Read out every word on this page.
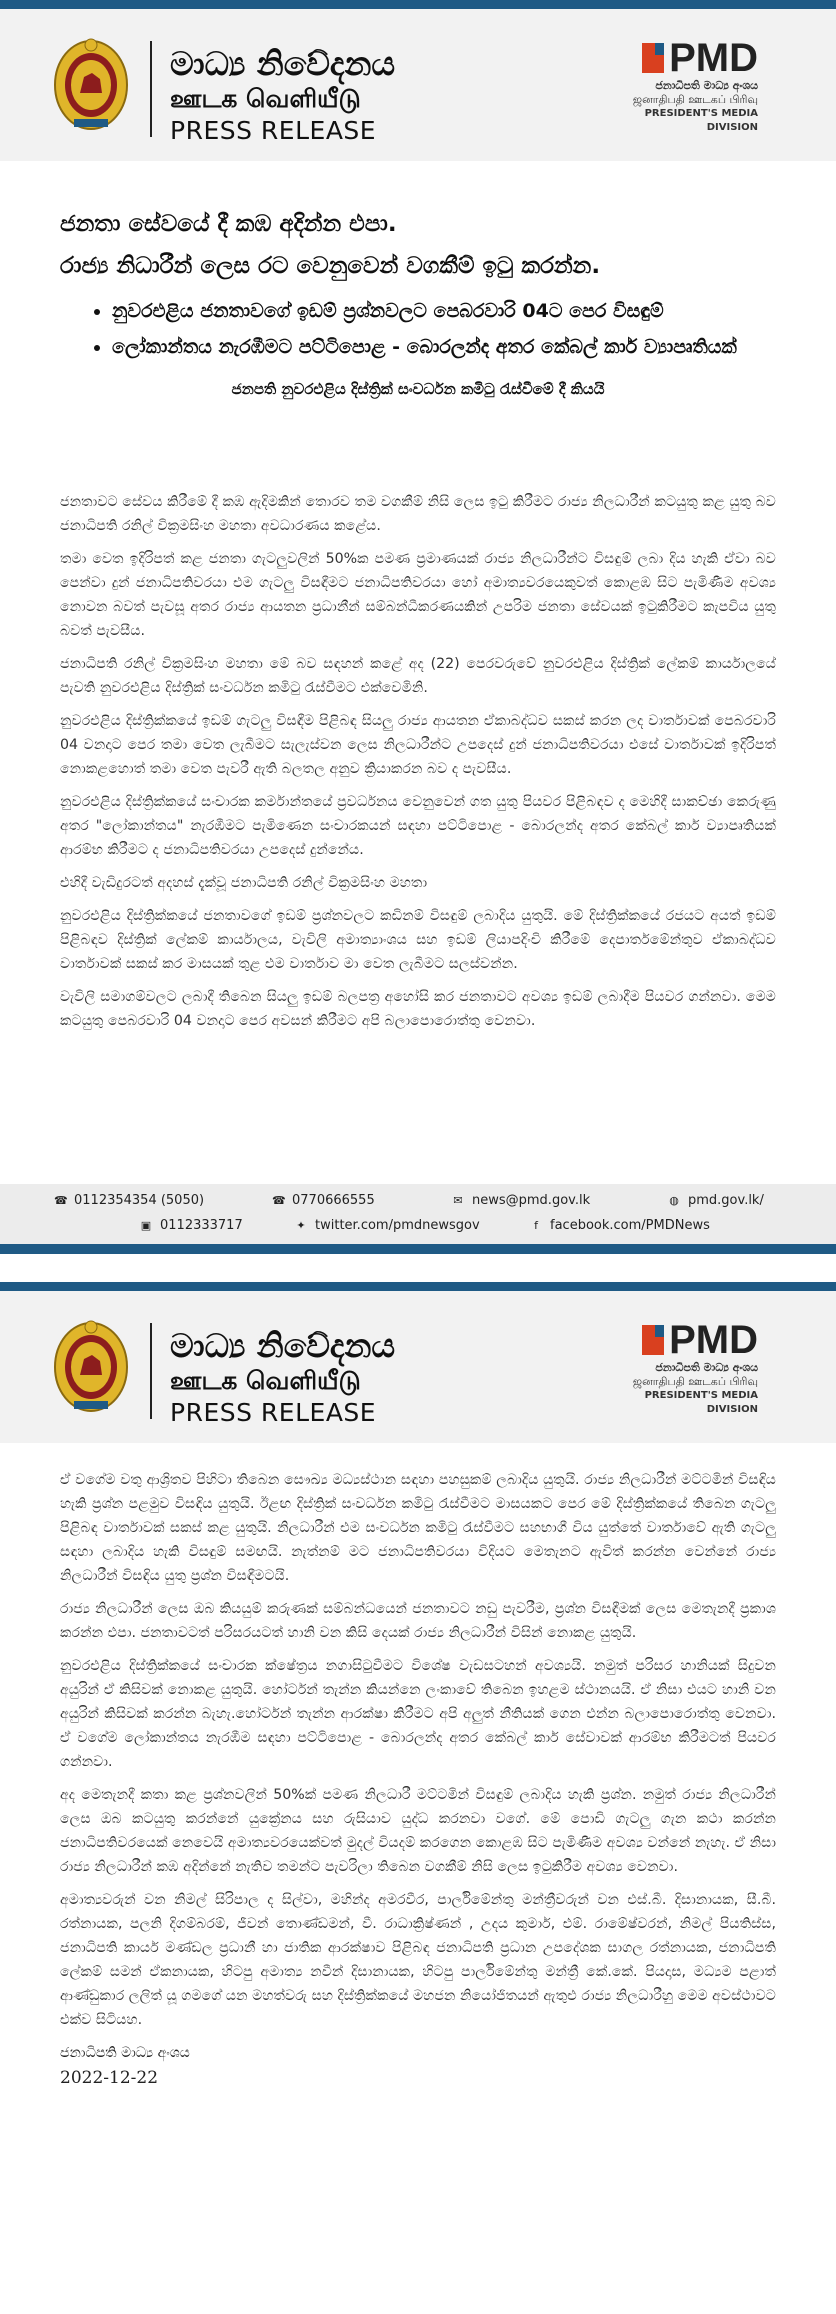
මාධ්‍ය නිවේදනය
ஊடக வெளியீடு
PRESS RELEASE
PMD
ජනාධිපති මාධ්‍ය අංශය
ஜனாதிபதி ஊடகப் பிரிவு
PRESIDENT'S MEDIA DIVISION
ජනතා සේවයේ දී කඹ අදින්න එපා.
රාජ්‍ය නිධාරීන් ලෙස රට වෙනුවෙන් වගකීම් ඉටු කරන්න.
• නුවරඑළිය ජනතාවගේ ඉඩම් ප්‍රශ්නවලට පෙබරවාරි 04ට පෙර විසඳුම්
• ලෝකාන්තය නැරඹීමට පට්ටිපොළ - බොරලන්ද අතර කේබල් කාර් ව්‍යාපෘතියක්
ජනපති නුවරඑළිය දිස්ත්‍රික් සංවර්ධන කමිටු රැස්වීමේ දී කියයි

ජනතාවට සේවය කිරීමේ දී කඹ ඇදිමකින් තොරව තම වගකීම් නිසි ලෙස ඉටු කිරීමට රාජ්‍ය නිලධාරීන් කටයුතු කළ යුතු බව ජනාධිපති රනිල් වික්‍රමසිංහ මහතා අවධාරණය කළේය.

තමා වෙත ඉදිරිපත් කළ ජනතා ගැටලුවලින් 50%ක පමණ ප්‍රමාණයක් රාජ්‍ය නිලධාරීන්ට විසඳුම් ලබා දිය හැකි ඒවා බව පෙන්වා දුන් ජනාධිපතිවරයා එම ගැටලු විසඳීමට ජනාධිපතිවරයා හෝ අමාත්‍යවරයෙකුවත් කොළඹ සිට පැමිණීම අවශ්‍ය නොවන බවත් පැවසූ අතර රාජ්‍ය ආයතන ප්‍රධානීන් සම්බන්ධීකරණයකින් උපරිම ජනතා සේවයක් ඉටුකිරීමට කැපවිය යුතු බවත් පැවසීය.

ජනාධිපති රනිල් වික්‍රමසිංහ මහතා මේ බව සඳහන් කළේ අද (22) පෙරවරුවේ නුවරඑළිය දිස්ත්‍රික් ලේකම් කාර්යාලයේ පැවති නුවරඑළිය දිස්ත්‍රික් සංවර්ධන කමිටු රැස්වීමට එක්වෙමිනි.

නුවරඑළිය දිස්ත්‍රික්කයේ ඉඩම් ගැටලු විසඳීම පිළිබඳ සියලු රාජ්‍ය ආයතන ඒකාබද්ධව සකස් කරන ලද වාර්තාවක් පෙබරවාරි 04 වනදාට පෙර තමා වෙත ලැබීමට සැලැස්වන ලෙස නිලධාරීන්ට උපදෙස් දුන් ජනාධිපතිවරයා එසේ වාර්තාවක් ඉදිරිපත් නොකළහොත් තමා වෙත පැවරී ඇති බලතල අනුව ක්‍රියාකරන බව ද පැවසීය.

නුවරඑළිය දිස්ත්‍රික්කයේ සංචාරක කර්මාන්තයේ ප්‍රවර්ධනය වෙනුවෙන් ගත යුතු පියවර පිළිබඳව ද මෙහිදී සාකච්ඡා කෙරුණු අතර "ලෝකාන්තය" නැරඹීමට පැමිණෙන සංචාරකයන් සඳහා පට්ටිපොළ - බොරලන්ද අතර කේබල් කාර් ව්‍යාපෘතියක් ආරම්භ කිරීමට ද ජනාධිපතිවරයා උපදෙස් දුන්නේය.

එහිදී වැඩිදුරටත් අදහස් දැක්වූ ජනාධිපති රනිල් වික්‍රමසිංහ මහතා

නුවරඑළිය දිස්ත්‍රික්කයේ ජනතාවගේ ඉඩම් ප්‍රශ්නවලට කඩිනම් විසඳුම් ලබාදිය යුතුයි. මේ දිස්ත්‍රික්කයේ රජයට අයත් ඉඩම් පිළිබඳව දිස්ත්‍රික් ලේකම් කාර්යාලය, වැවිලි අමාත්‍යාංශය සහ ඉඩම් ලියාපදිංචි කිරීමේ දෙපාර්තමේන්තුව ඒකාබද්ධව වාර්තාවක් සකස් කර මාසයක් තුළ එම වාර්තාව මා වෙත ලැබීමට සලස්වන්න.

වැවිලි සමාගම්වලට ලබාදී තිබෙන සියලු ඉඩම් බලපත්‍ර අහෝසි කර ජනතාවට අවශ්‍ය ඉඩම් ලබාදීම පියවර ගන්නවා. මෙම කටයුතු පෙබරවාරි 04 වනදාට පෙර අවසන් කිරීමට අපි බලාපොරොත්තු වෙනවා.

☎ 0112354354 (5050)
▣ 0112333717
☎ 0770666555
✦ twitter.com/pmdnewsgov
✉ news@pmd.gov.lk
f facebook.com/PMDNews
◍ pmd.gov.lk/
මාධ්‍ය නිවේදනය
ஊடக வெளியீடு
PRESS RELEASE
PMD
ජනාධිපති මාධ්‍ය අංශය
ஜனாதிபதி ஊடகப் பிரிவு
PRESIDENT'S MEDIA DIVISION

ඒ වගේම වතු ආශ්‍රිතව පිහිටා තිබෙන සෞඛ්‍ය මධ්‍යස්ථාන සඳහා පහසුකම් ලබාදිය යුතුයි. රාජ්‍ය නිලධාරීන් මට්ටමින් විසඳිය හැකි ප්‍රශ්න පළමුව විසඳිය යුතුයි. ඊළඟ දිස්ත්‍රික් සංවර්ධන කමිටු රැස්වීමට මාසයකට පෙර මේ දිස්ත්‍රික්කයේ තිබෙන ගැටලු පිළිබඳ වාර්තාවක් සකස් කළ යුතුයි. නිලධාරීන් එම සංවර්ධන කමිටු රැස්වීමට සහභාගී විය යුත්තේ වාර්තාවේ ඇති ගැටලු සඳහා ලබාදිය හැකි විසඳුම් සමඟයි. නැත්නම් මට ජනාධිපතිවරයා විදියට මෙතැනට ඇවිත් කරන්න වෙන්නේ රාජ්‍ය නිලධාරීන් විසඳිය යුතු ප්‍රශ්න විසඳීමටයි.

රාජ්‍ය නිලධාරීන් ලෙස ඔබ කියයුම් කරුණක් සම්බන්ධයෙන් ජනතාවට නඩු පැවරීම, ප්‍රශ්න විසඳීමක් ලෙස මෙතැනදී ප්‍රකාශ කරන්න එපා. ජනතාවටත් පරිසරයටත් හානි වන කිසි දෙයක් රාජ්‍ය නිලධාරීන් විසින් නොකළ යුතුයි.

නුවරඑළිය දිස්ත්‍රික්කයේ සංචාරක ක්ෂේත්‍රය නගාසිටුවීමට විශේෂ වැඩසටහන් අවශ්‍යයි. නමුත් පරිසර හානියක් සිදුවන අයුරින් ඒ කිසිවක් නොකළ යුතුයි. හෝර්ටන් තැන්න කියන්නෙ ලංකාවේ තිබෙන ඉහළම ස්ථානයයි. ඒ නිසා එයට හානි වන අයුරින් කිසිවක් කරන්න බැහැ.හෝර්ටන් තැන්න ආරක්ෂා කිරීමට අපි අලුත් නීතියක් ගෙන එන්න බලාපොරොත්තු වෙනවා. ඒ වගේම ලෝකාන්තය නැරඹීම සඳහා පට්ටිපොළ - බොරලන්ද අතර කේබල් කාර් සේවාවක් ආරම්භ කිරීමටත් පියවර ගන්නවා.

අද මෙතැනදී කතා කළ ප්‍රශ්නවලින් 50%ක් පමණ නිලධාරී මට්ටමින් විසඳුම් ලබාදිය හැකි ප්‍රශ්න. නමුත් රාජ්‍ය නිලධාරීන් ලෙස ඔබ කටයුතු කරන්නේ යුක්‍රේනය සහ රුසියාව යුද්ධ කරනවා වගේ. මේ පොඩි ගැටලු ගැන කථා කරන්න ජනාධිපතිවරයෙක් නෙවෙයි අමාත්‍යවරයෙක්වත් මුදල් වියදම් කරගෙන කොළඹ සිට පැමිණීම අවශ්‍ය වන්නේ නැහැ. ඒ නිසා රාජ්‍ය නිලධාරීන් කඹ අදින්නේ නැතිව තමන්ට පැවරිලා තිබෙන වගකීම් නිසි ලෙස ඉටුකිරීම අවශ්‍ය වෙනවා.

අමාත්‍යවරුන් වන නිමල් සිරිපාල ද සිල්වා, මහින්ද අමරවීර, පාර්ලිමේන්තු මන්ත්‍රීවරුන් වන එස්.බී. දිසානායක, සී.බී. රත්නායක, පලනි දිගම්බරම්, ජීවන් තොණ්ඩමන්, වී. රාධාක්‍රිෂ්ණන් , උදය කුමාර්, එම්. රාමේෂ්වරන්, නිමල් පියතිස්ස, ජනාධිපති කාර්ය මණ්ඩල ප්‍රධානී හා ජාතික ආරක්ෂාව පිළිබඳ ජනාධිපති ප්‍රධාන උපදේශක සාගල රත්නායක, ජනාධිපති ලේකම් සමන් ඒකනායක, හිටපු අමාත්‍ය නවීන් දිසානායක, හිටපු පාර්ලිමේන්තු මන්ත්‍රී කේ.කේ. පියදාස, මධ්‍යම පළාත් ආණ්ඩුකාර ලලිත් යූ ගමගේ යන මහත්වරු සහ දිස්ත්‍රික්කයේ මහජන නියෝජිතයන් ඇතුළු රාජ්‍ය නිලධාරීහු මෙම අවස්ථාවට එක්ව සිටියහ.

ජනාධිපති මාධ්‍ය අංශය
2022-12-22
